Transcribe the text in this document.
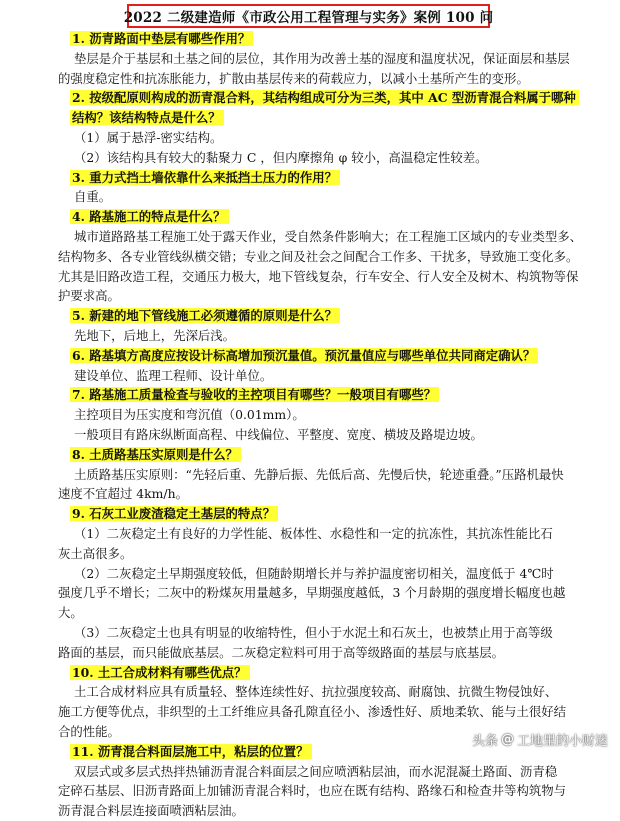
2022 二级建造师《市政公用工程管理与实务》案例 100 问
1. 沥青路面中垫层有哪些作用？
垫层是介于基层和土基之间的层位，其作用为改善土基的湿度和温度状况，保证面层和基层
的强度稳定性和抗冻胀能力，扩散由基层传来的荷载应力，以减小土基所产生的变形。
2. 按级配原则构成的沥青混合料，其结构组成可分为三类，其中 AC 型沥青混合料属于哪种
结构？该结构特点是什么？
（1）属于悬浮-密实结构。
（2）该结构具有较大的黏聚力 C ，但内摩擦角 φ 较小，高温稳定性较差。
3. 重力式挡土墙依靠什么来抵挡土压力的作用？
自重。
4. 路基施工的特点是什么？
城市道路路基工程施工处于露天作业，受自然条件影响大；在工程施工区域内的专业类型多、
结构物多、各专业管线纵横交错；专业之间及社会之间配合工作多、干扰多，导致施工变化多。
尤其是旧路改造工程，交通压力极大，地下管线复杂，行车安全、行人安全及树木、构筑物等保
护要求高。
5. 新建的地下管线施工必须遵循的原则是什么？
先地下，后地上，先深后浅。
6. 路基填方高度应按设计标高增加预沉量值。预沉量值应与哪些单位共同商定确认？
建设单位、监理工程师、设计单位。
7. 路基施工质量检查与验收的主控项目有哪些？一般项目有哪些？
主控项目为压实度和弯沉值（0.01mm）。
一般项目有路床纵断面高程、中线偏位、平整度、宽度、横坡及路堤边坡。
8. 土质路基压实原则是什么？
土质路基压实原则：“先轻后重、先静后振、先低后高、先慢后快，轮迹重叠。”压路机最快
速度不宜超过 4km/h。
9. 石灰工业废渣稳定土基层的特点？
（1）二灰稳定土有良好的力学性能、板体性、水稳性和一定的抗冻性，其抗冻性能比石
灰土高很多。
（2）二灰稳定土早期强度较低，但随龄期增长并与养护温度密切相关，温度低于 4℃时
强度几乎不增长；二灰中的粉煤灰用量越多，早期强度越低，3 个月龄期的强度增长幅度也越
大。
（3）二灰稳定土也具有明显的收缩特性，但小于水泥土和石灰土，也被禁止用于高等级
路面的基层，而只能做底基层。二灰稳定粒料可用于高等级路面的基层与底基层。
10. 土工合成材料有哪些优点？
土工合成材料应具有质量轻、整体连续性好、抗拉强度较高、耐腐蚀、抗微生物侵蚀好、
施工方便等优点，非织型的土工纤维应具备孔隙直径小、渗透性好、质地柔软、能与土很好结
合的性能。
11. 沥青混合料面层施工中，粘层的位置？
双层式或多层式热拌热铺沥青混合料面层之间应喷洒粘层油，而水泥混凝土路面、沥青稳
定碎石基层、旧沥青路面上加铺沥青混合料时，也应在既有结构、路缘石和检查井等构筑物与
沥青混合料层连接面喷洒粘层油。
头条 @ 工地里的小财迷
